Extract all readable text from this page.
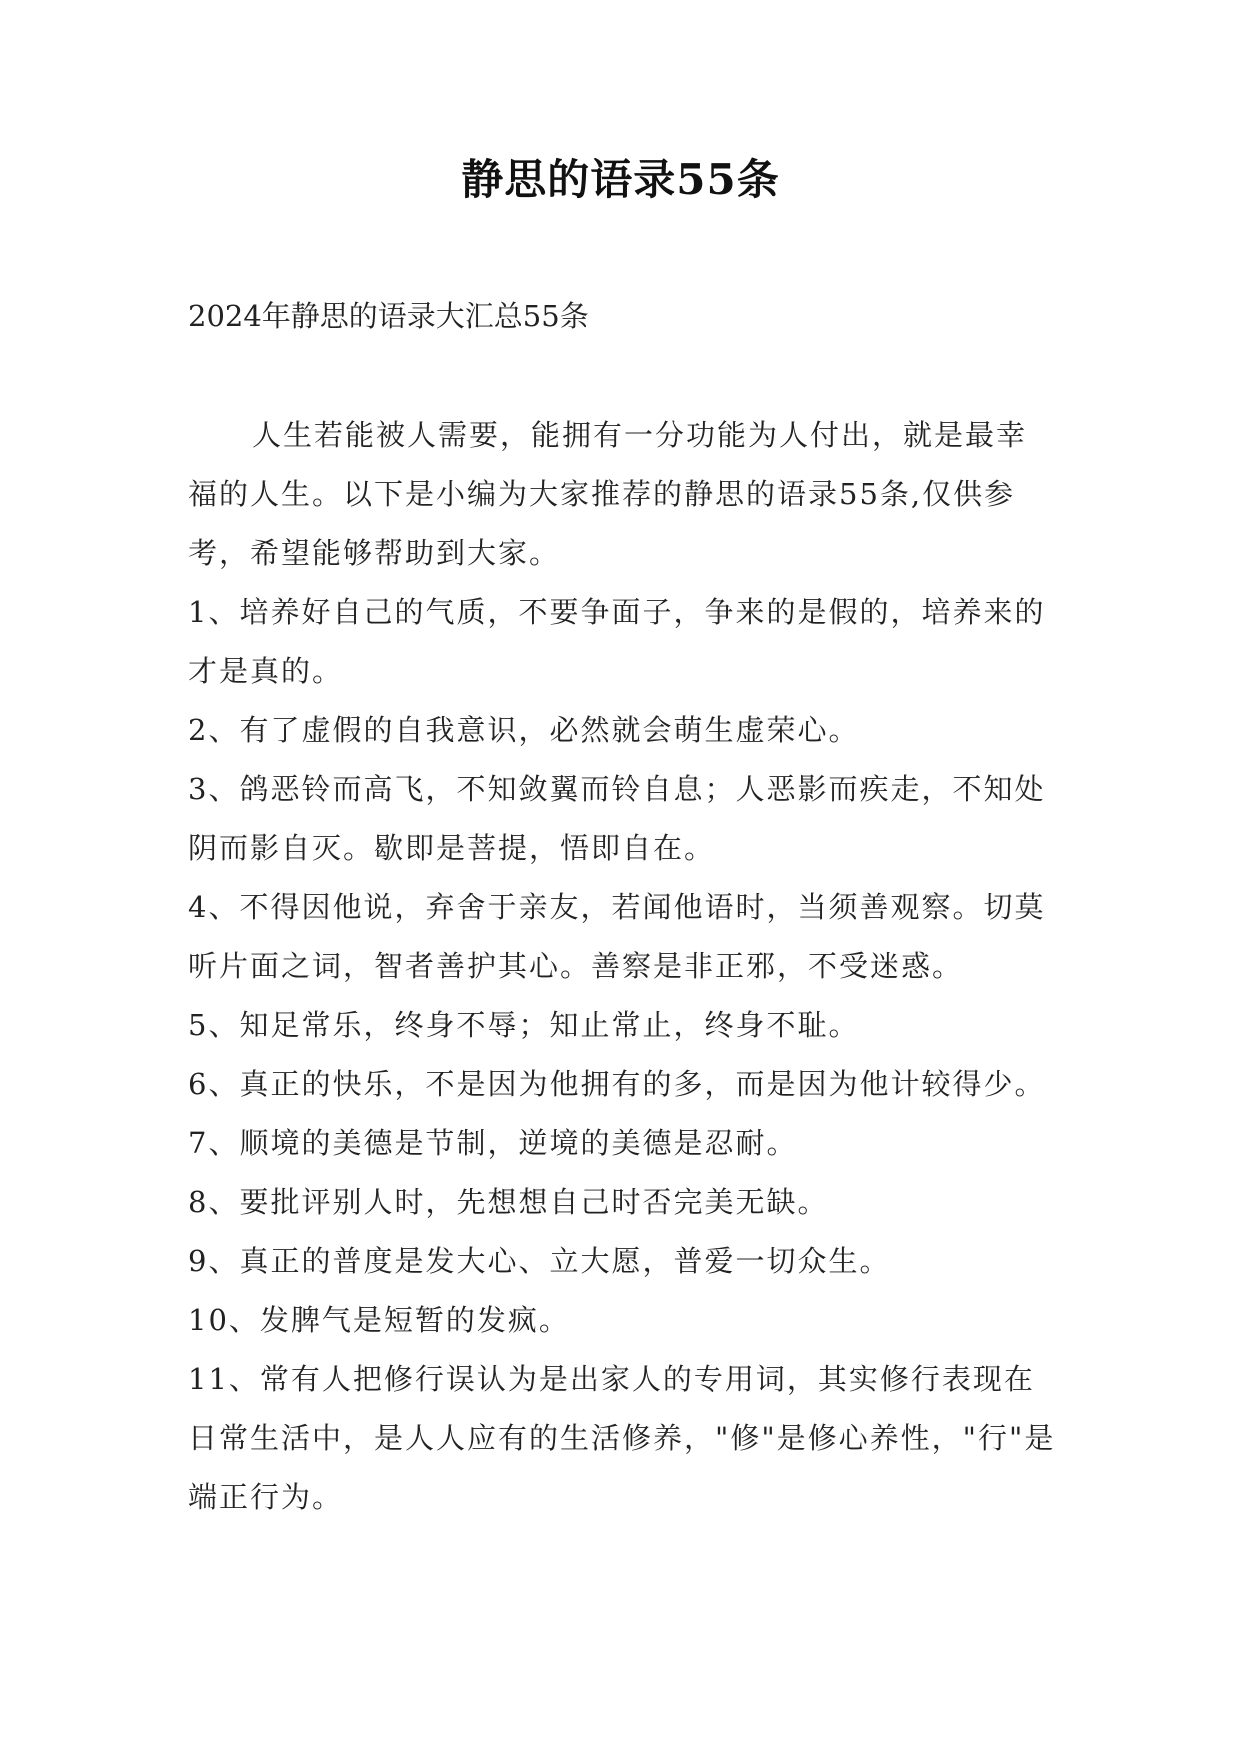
静思的语录55条
2024年静思的语录大汇总55条

人生若能被人需要，能拥有一分功能为人付出，就是最幸福的人生。以下是小编为大家推荐的静思的语录55条,仅供参考，希望能够帮助到大家。

1、培养好自己的气质，不要争面子，争来的是假的，培养来的才是真的。

2、有了虚假的自我意识，必然就会萌生虚荣心。

3、鸽恶铃而高飞，不知敛翼而铃自息；人恶影而疾走，不知处阴而影自灭。歇即是菩提，悟即自在。

4、不得因他说，弃舍于亲友，若闻他语时，当须善观察。切莫听片面之词，智者善护其心。善察是非正邪，不受迷惑。

5、知足常乐，终身不辱；知止常止，终身不耻。

6、真正的快乐，不是因为他拥有的多，而是因为他计较得少。

7、顺境的美德是节制，逆境的美德是忍耐。

8、要批评别人时，先想想自己时否完美无缺。

9、真正的普度是发大心、立大愿，普爱一切众生。

10、发脾气是短暂的发疯。

11、常有人把修行误认为是出家人的专用词，其实修行表现在日常生活中，是人人应有的生活修养，"修"是修心养性，"行"是端正行为。
